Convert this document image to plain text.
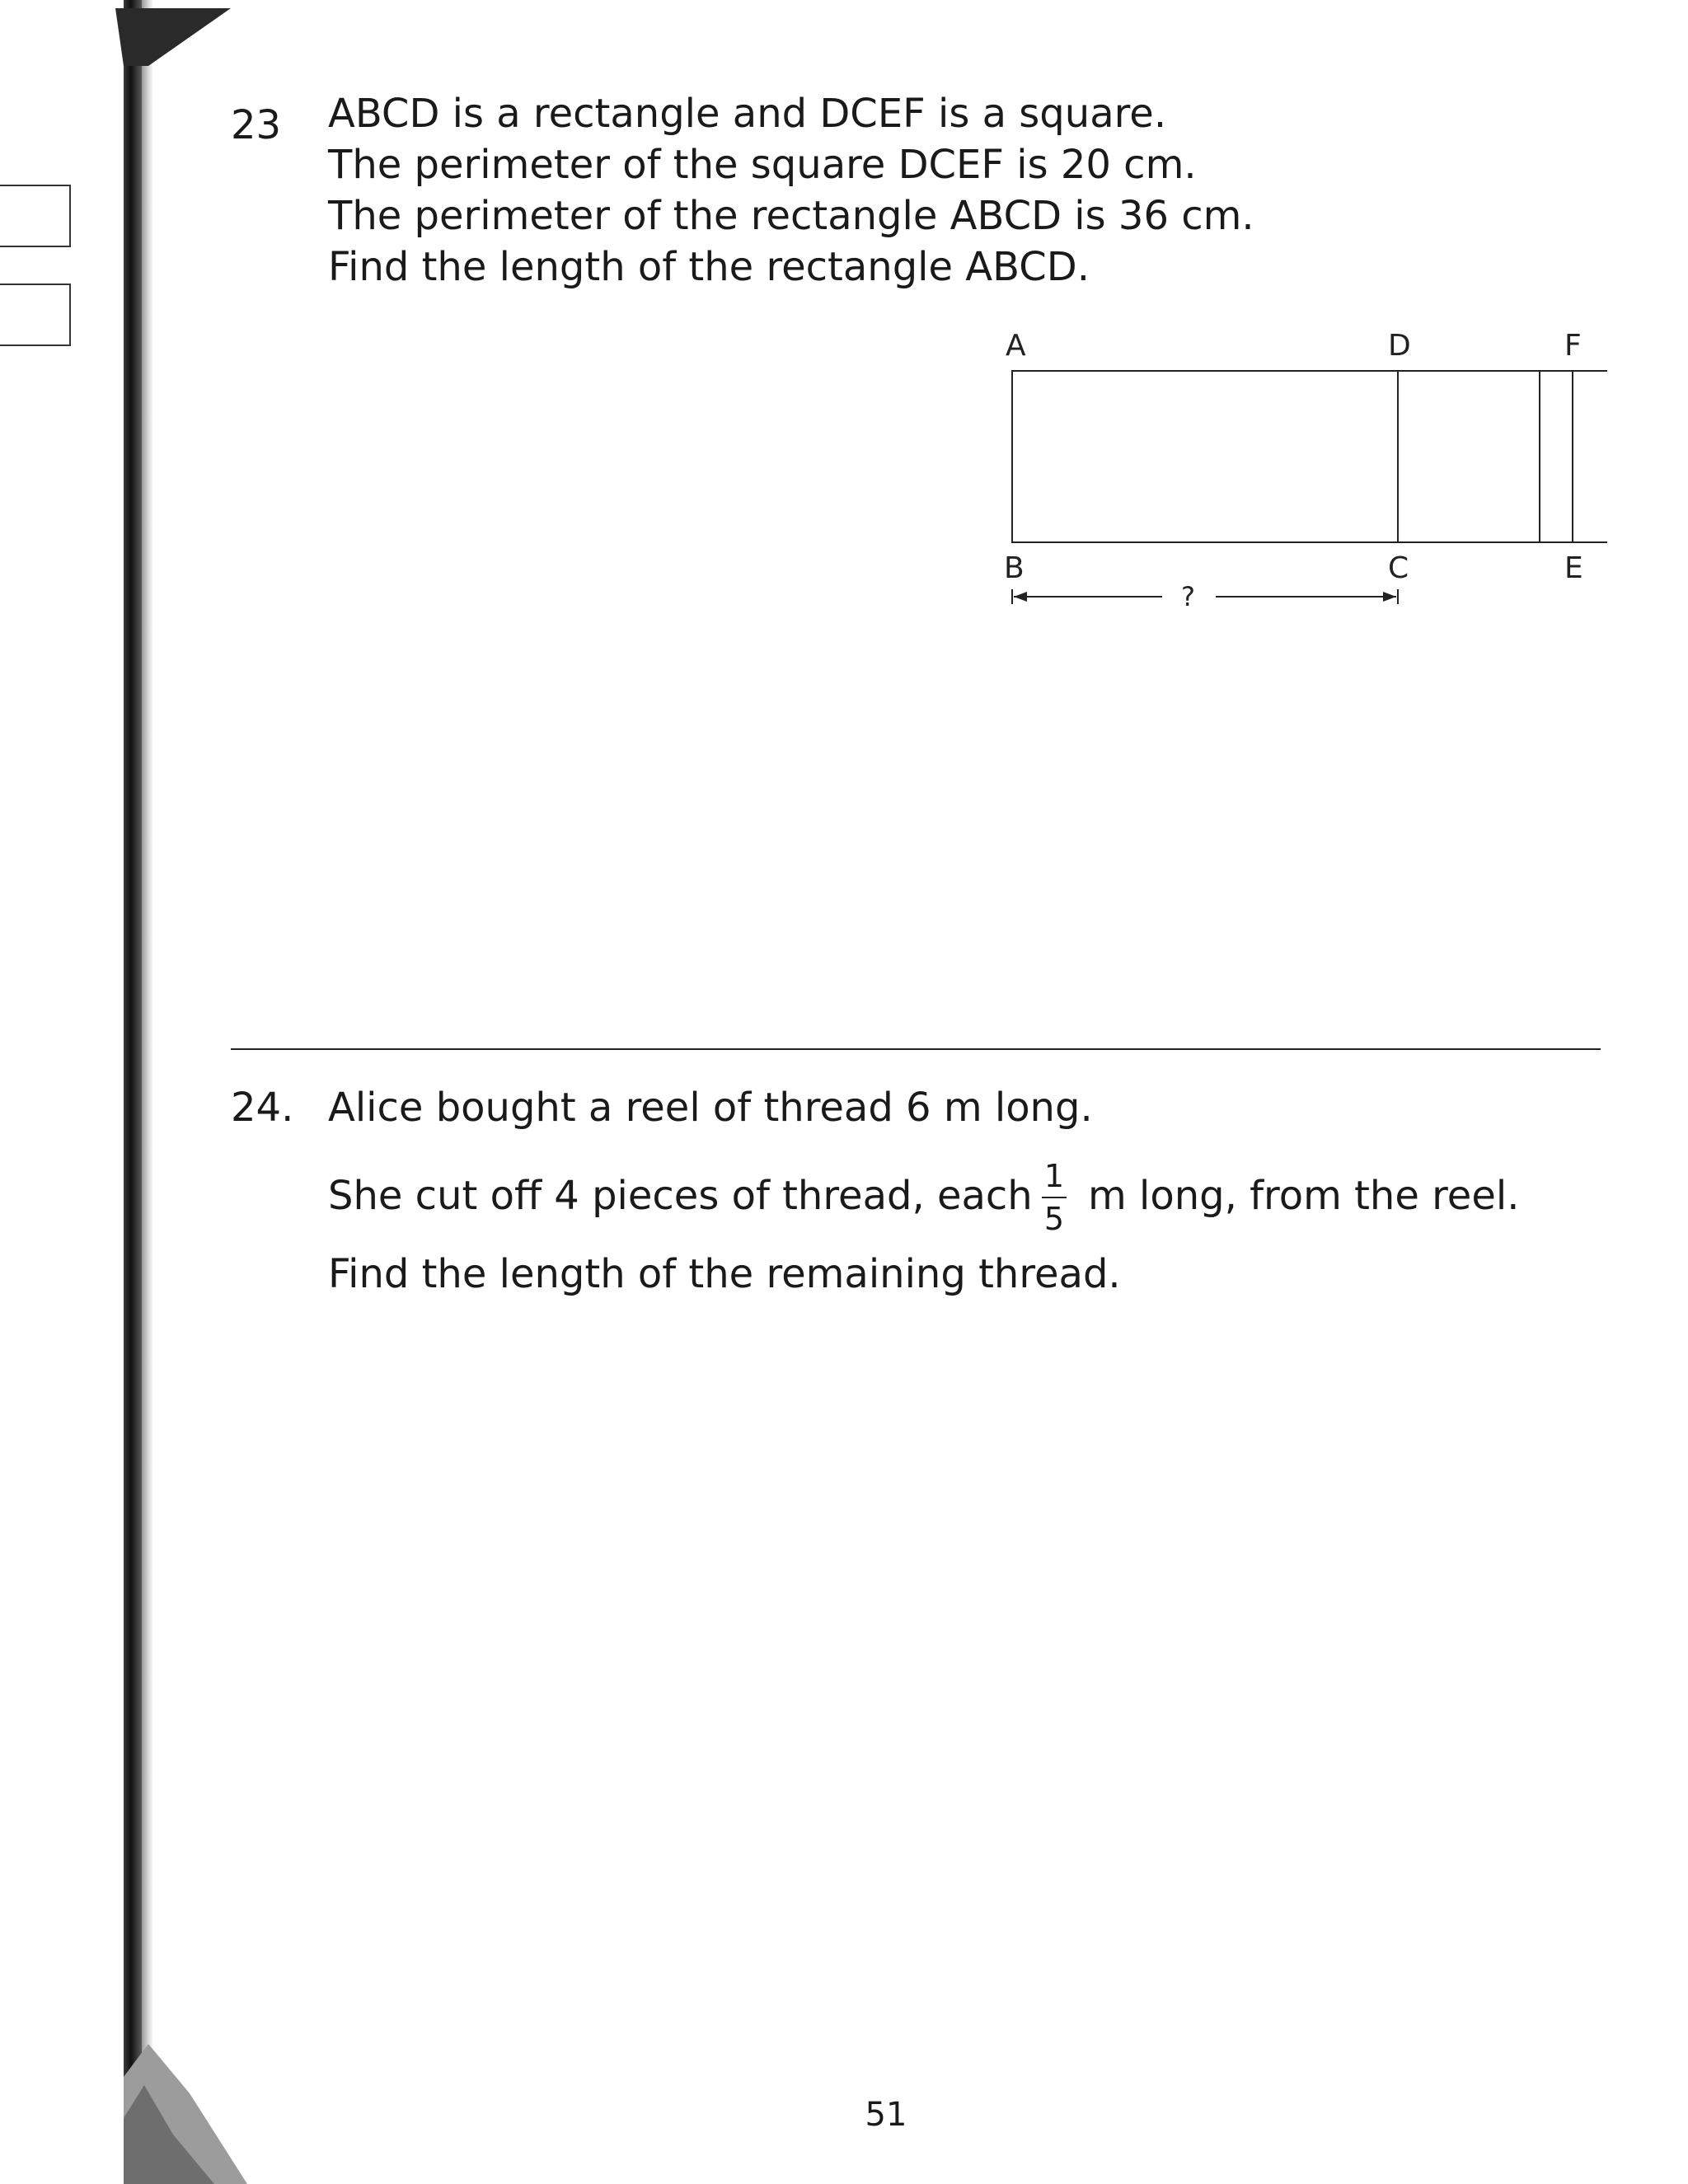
23 ABCD is a rectangle and DCEF is a square.
The perimeter of the square DCEF is 20 cm.
The perimeter of the rectangle ABCD is 36 cm.
Find the length of the rectangle ABCD.
A	D	F
B	C	E
?
24. Alice bought a reel of thread 6 m long.
She cut off 4 pieces of thread, each 1
5 m long, from the reel.
Find the length of the remaining thread.
51
